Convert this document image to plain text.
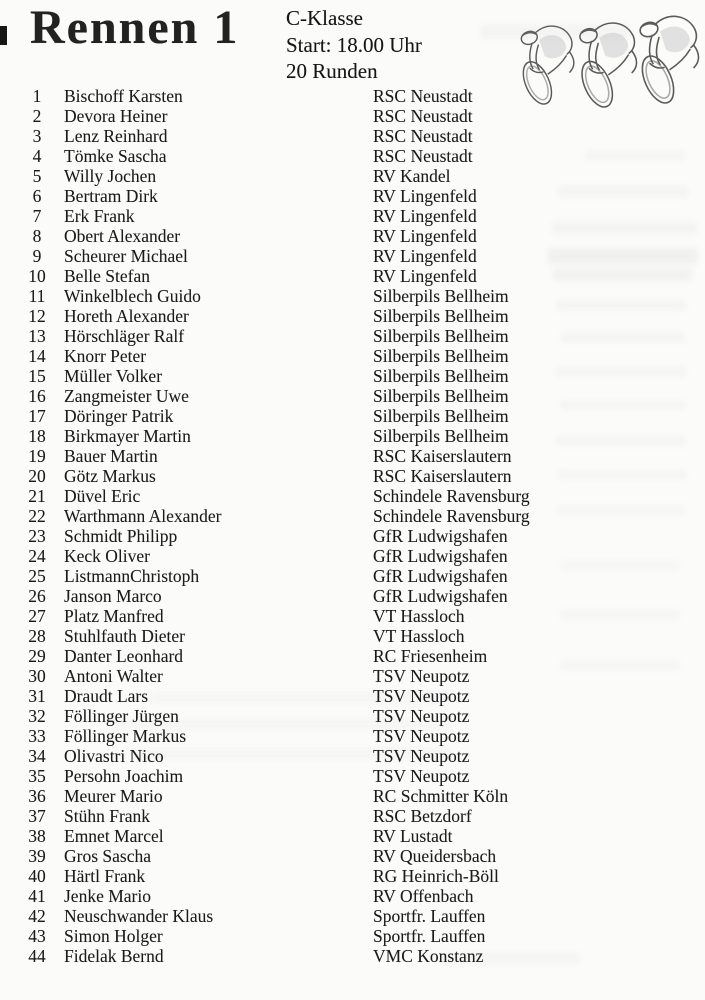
Rennen 1 C-Klasse
Start: 18.00 Uhr
20 Runden
1	Bischoff Karsten	RSC Neustadt
2	Devora Heiner	RSC Neustadt
3	Lenz Reinhard	RSC Neustadt
4	Tömke Sascha	RSC Neustadt
5	Willy Jochen	RV Kandel
6	Bertram Dirk	RV Lingenfeld
7	Erk Frank	RV Lingenfeld
8	Obert Alexander	RV Lingenfeld
9	Scheurer Michael	RV Lingenfeld
10 Belle Stefan	RV Lingenfeld
11 Winkelblech Guido	Silberpils Bellheim
12 Horeth Alexander	Silberpils Bellheim
13 Hörschläger Ralf	Silberpils Bellheim
14 Knorr Peter	Silberpils Bellheim
15 Müller Volker	Silberpils Bellheim
16 Zangmeister Uwe	Silberpils Bellheim
17 Döringer Patrik	Silberpils Bellheim
18 Birkmayer Martin	Silberpils Bellheim
19 Bauer Martin	RSC Kaiserslautern
20 Götz Markus	RSC Kaiserslautern
21 Düvel Eric	Schindele Ravensburg
22 Warthmann Alexander	Schindele Ravensburg
23 Schmidt Philipp	GfR Ludwigshafen
24 Keck Oliver	GfR Ludwigshafen
25 ListmannChristoph	GfR Ludwigshafen
26 Janson Marco	GfR Ludwigshafen
27 Platz Manfred	VT Hassloch
28 Stuhlfauth Dieter	VT Hassloch
29 Danter Leonhard	RC Friesenheim
30 Antoni Walter	TSV Neupotz
31 Draudt Lars	TSV Neupotz
32 Föllinger Jürgen	TSV Neupotz
33 Föllinger Markus	TSV Neupotz
34 Olivastri Nico	TSV Neupotz
35 Persohn Joachim	TSV Neupotz
36 Meurer Mario	RC Schmitter Köln
37 Stühn Frank	RSC Betzdorf
38 Emnet Marcel	RV Lustadt
39 Gros Sascha	RV Queidersbach
40 Härtl Frank	RG Heinrich-Böll
41 Jenke Mario	RV Offenbach
42 Neuschwander Klaus	Sportfr. Lauffen
43 Simon Holger	Sportfr. Lauffen
44 Fidelak Bernd	VMC Konstanz
